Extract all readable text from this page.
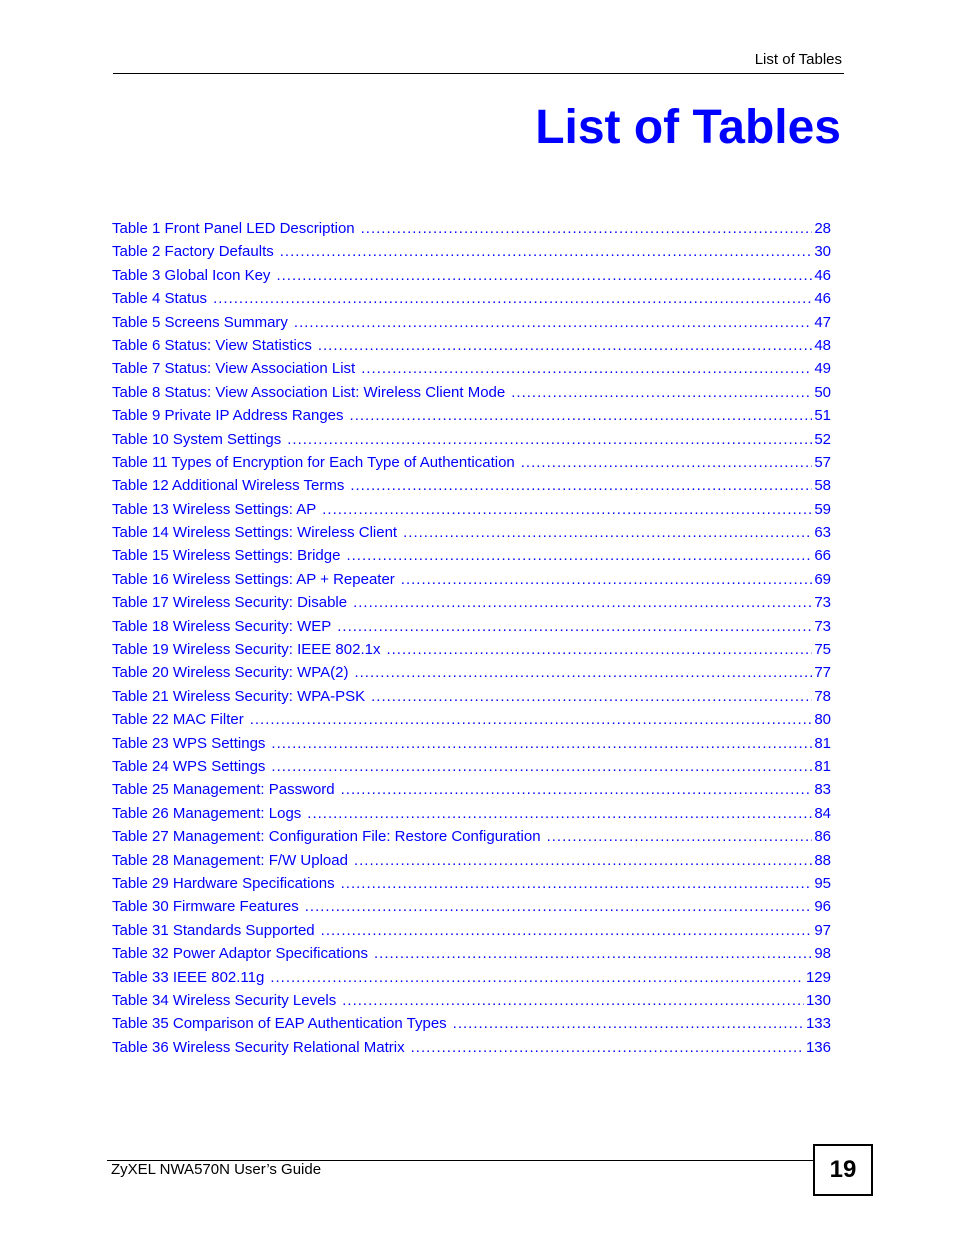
List of Tables
List of Tables
Table 1 Front Panel LED Description .....	28
Table 2 Factory Defaults .....	30
Table 3 Global Icon Key .....	46
Table 4 Status .....	46
Table 5 Screens Summary .....	47
Table 6 Status: View Statistics .....	48
Table 7 Status: View Association List .....	49
Table 8 Status: View Association List: Wireless Client Mode .....	50
Table 9 Private IP Address Ranges .....	51
Table 10 System Settings .....	52
Table 11 Types of Encryption for Each Type of Authentication .....	57
Table 12 Additional Wireless Terms .....	58
Table 13 Wireless Settings: AP .....	59
Table 14 Wireless Settings: Wireless Client .....	63
Table 15 Wireless Settings: Bridge .....	66
Table 16 Wireless Settings: AP + Repeater .....	69
Table 17 Wireless Security: Disable .....	73
Table 18 Wireless Security: WEP .....	73
Table 19 Wireless Security: IEEE 802.1x .....	75
Table 20 Wireless Security: WPA(2) .....	77
Table 21 Wireless Security: WPA-PSK .....	78
Table 22 MAC Filter .....	80
Table 23 WPS Settings .....	81
Table 24 WPS Settings .....	81
Table 25 Management: Password .....	83
Table 26 Management: Logs .....	84
Table 27 Management: Configuration File: Restore Configuration .....	86
Table 28 Management: F/W Upload .....	88
Table 29 Hardware Specifications .....	95
Table 30 Firmware Features .....	96
Table 31 Standards Supported .....	97
Table 32 Power Adaptor Specifications .....	98
Table 33 IEEE 802.11g .....	129
Table 34 Wireless Security Levels .....	130
Table 35 Comparison of EAP Authentication Types .....	133
Table 36 Wireless Security Relational Matrix .....	136
ZyXEL NWA570N User’s Guide	19
